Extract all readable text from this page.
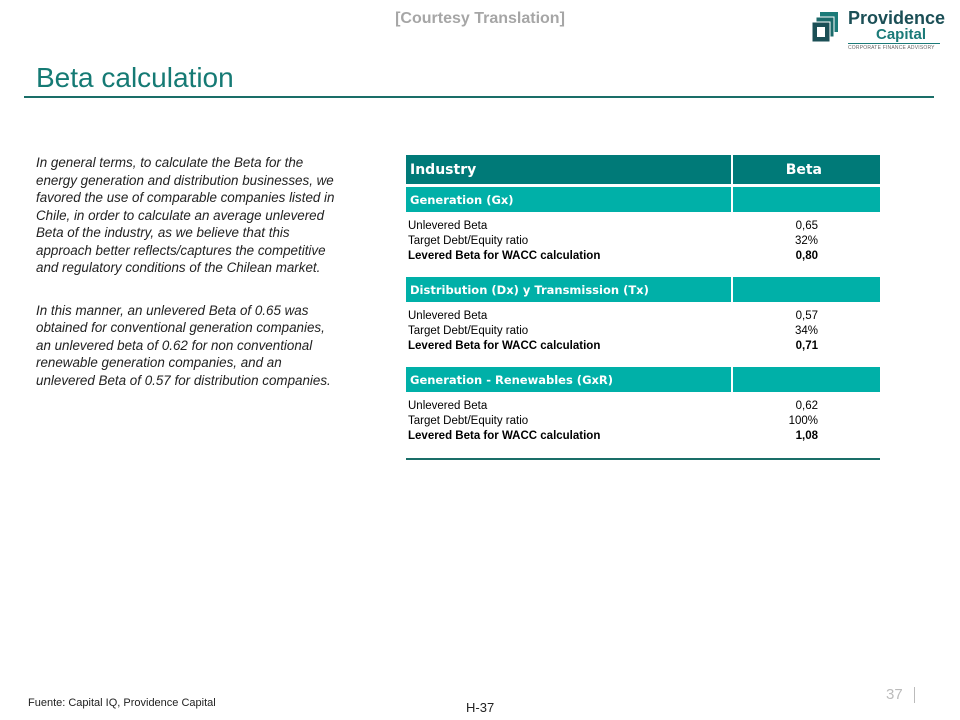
[Courtesy Translation]	Providence
Capital
CORPORATE FINANCE ADVISORY
Beta calculation

In general terms, to calculate the Beta for the energy generation and distribution businesses, we favored the use of comparable companies listed in Chile, in order to calculate an average unlevered Beta of the industry, as we believe that this approach better reflects/captures the competitive and regulatory conditions of the Chilean market.

In this manner, an unlevered Beta of 0.65 was obtained for conventional generation companies, an unlevered beta of 0.62 for non conventional renewable generation companies, and an unlevered Beta of 0.57 for distribution companies.

Industry	Beta
Generation (Gx)
Unlevered Beta	0,65
Target Debt/Equity ratio	32%
Levered Beta for WACC calculation	0,80
Distribution (Dx) y Transmission (Tx)
Unlevered Beta	0,57
Target Debt/Equity ratio	34%
Levered Beta for WACC calculation	0,71
Generation - Renewables (GxR)
Unlevered Beta	0,62
Target Debt/Equity ratio	100%
Levered Beta for WACC calculation	1,08
Fuente: Capital IQ, Providence Capital	37
H-37
